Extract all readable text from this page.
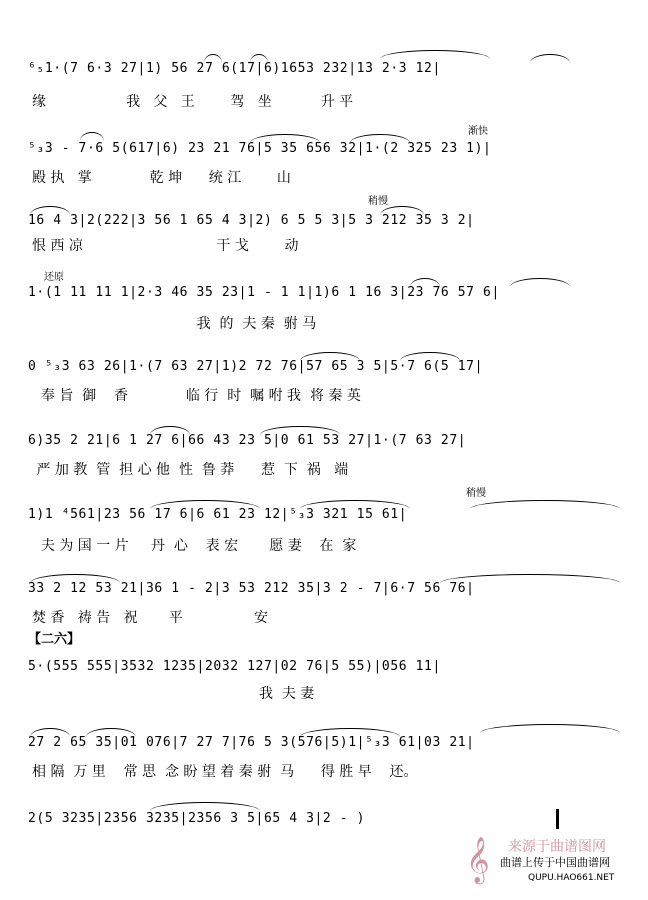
渐快
稍慢
还原
稍慢
【二六】
⁶₅1·(7 6·3 27|1) 56 27 6(17|6)1653 232|13 2·3 12|
缘                  我   父   王        驾   坐           升 平
⁵₃3 - 7·6 5(617|6) 23 21 76|5 35 656 32|1·(2 325 23 1)|
殿 执   掌             乾 坤      统 江        山
16 4 3|2(222|3 56 1 65 4 3|2) 6 5 5 3|5 3 212 35 3 2|
恨 西 凉                              干 戈        动
1·(1 11 11 1|2·3 46 35 23|1 - 1 1|1)6 1 16 3|23 76 57 6|
我  的  夫 秦  驸 马
0 ⁵₃3 63 26|1·(7 63 27|1)2 72 76|57 65 3 5|5·7 6(5 17|
奉 旨  御    香             临 行  时  嘱 咐 我  将 秦 英
6)35 2 21|6 1 27 6|66 43 23 5|0 61 53 27|1·(7 63 27|
严 加 教  管  担 心 他  性  鲁 莽      惹  下  祸   端
1)1 ⁴561|23 56 17 6|6 61 23 12|⁵₃3 321 15 61|
夫 为 国 一 片     丹  心    表 宏       愿 妻    在  家
33 2 12 53 21|36 1 - 2|3 53 212 35|3 2 - 7|6·7 56 76|
焚 香   祷 告   祝       平                安
5·(555 555|3532 1235|2032 127|02 76|5 55)|056 11|
我  夫 妻
27 2 65 35|01 076|7 27 7|76 5 3(576|5)1|⁵₃3 61|03 21|
相 隔  万 里    常 思  念 盼 望 着 秦 驸  马      得 胜 早    还。
2(5 3235|2356 3235|2356 3 5|65 4 3|2 - )
𝄞 来源于曲谱图网
曲谱上传于中国曲谱网
QUPU.HAO661.NET
